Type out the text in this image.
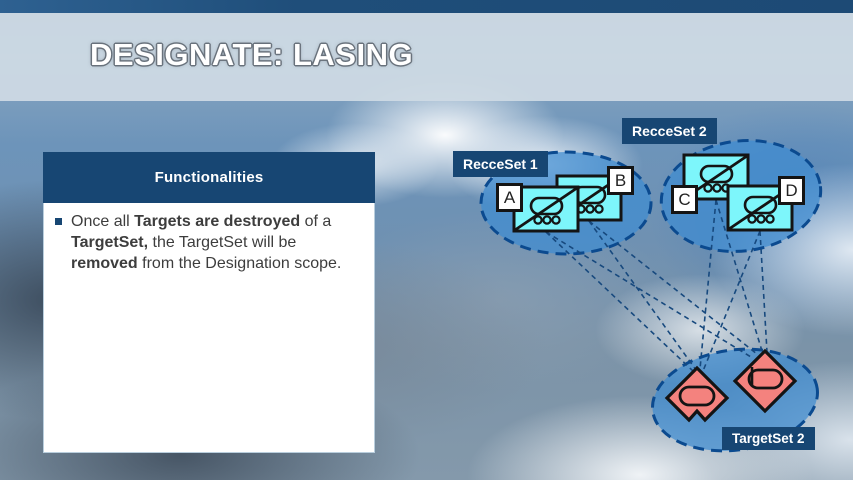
DESIGNATE: LASING
RecceSet 1
RecceSet 2
TargetSet 2
A
B
C	D
Functionalities

Once all Targets are destroyed of a TargetSet, the TargetSet will be removed from the Designation scope.
